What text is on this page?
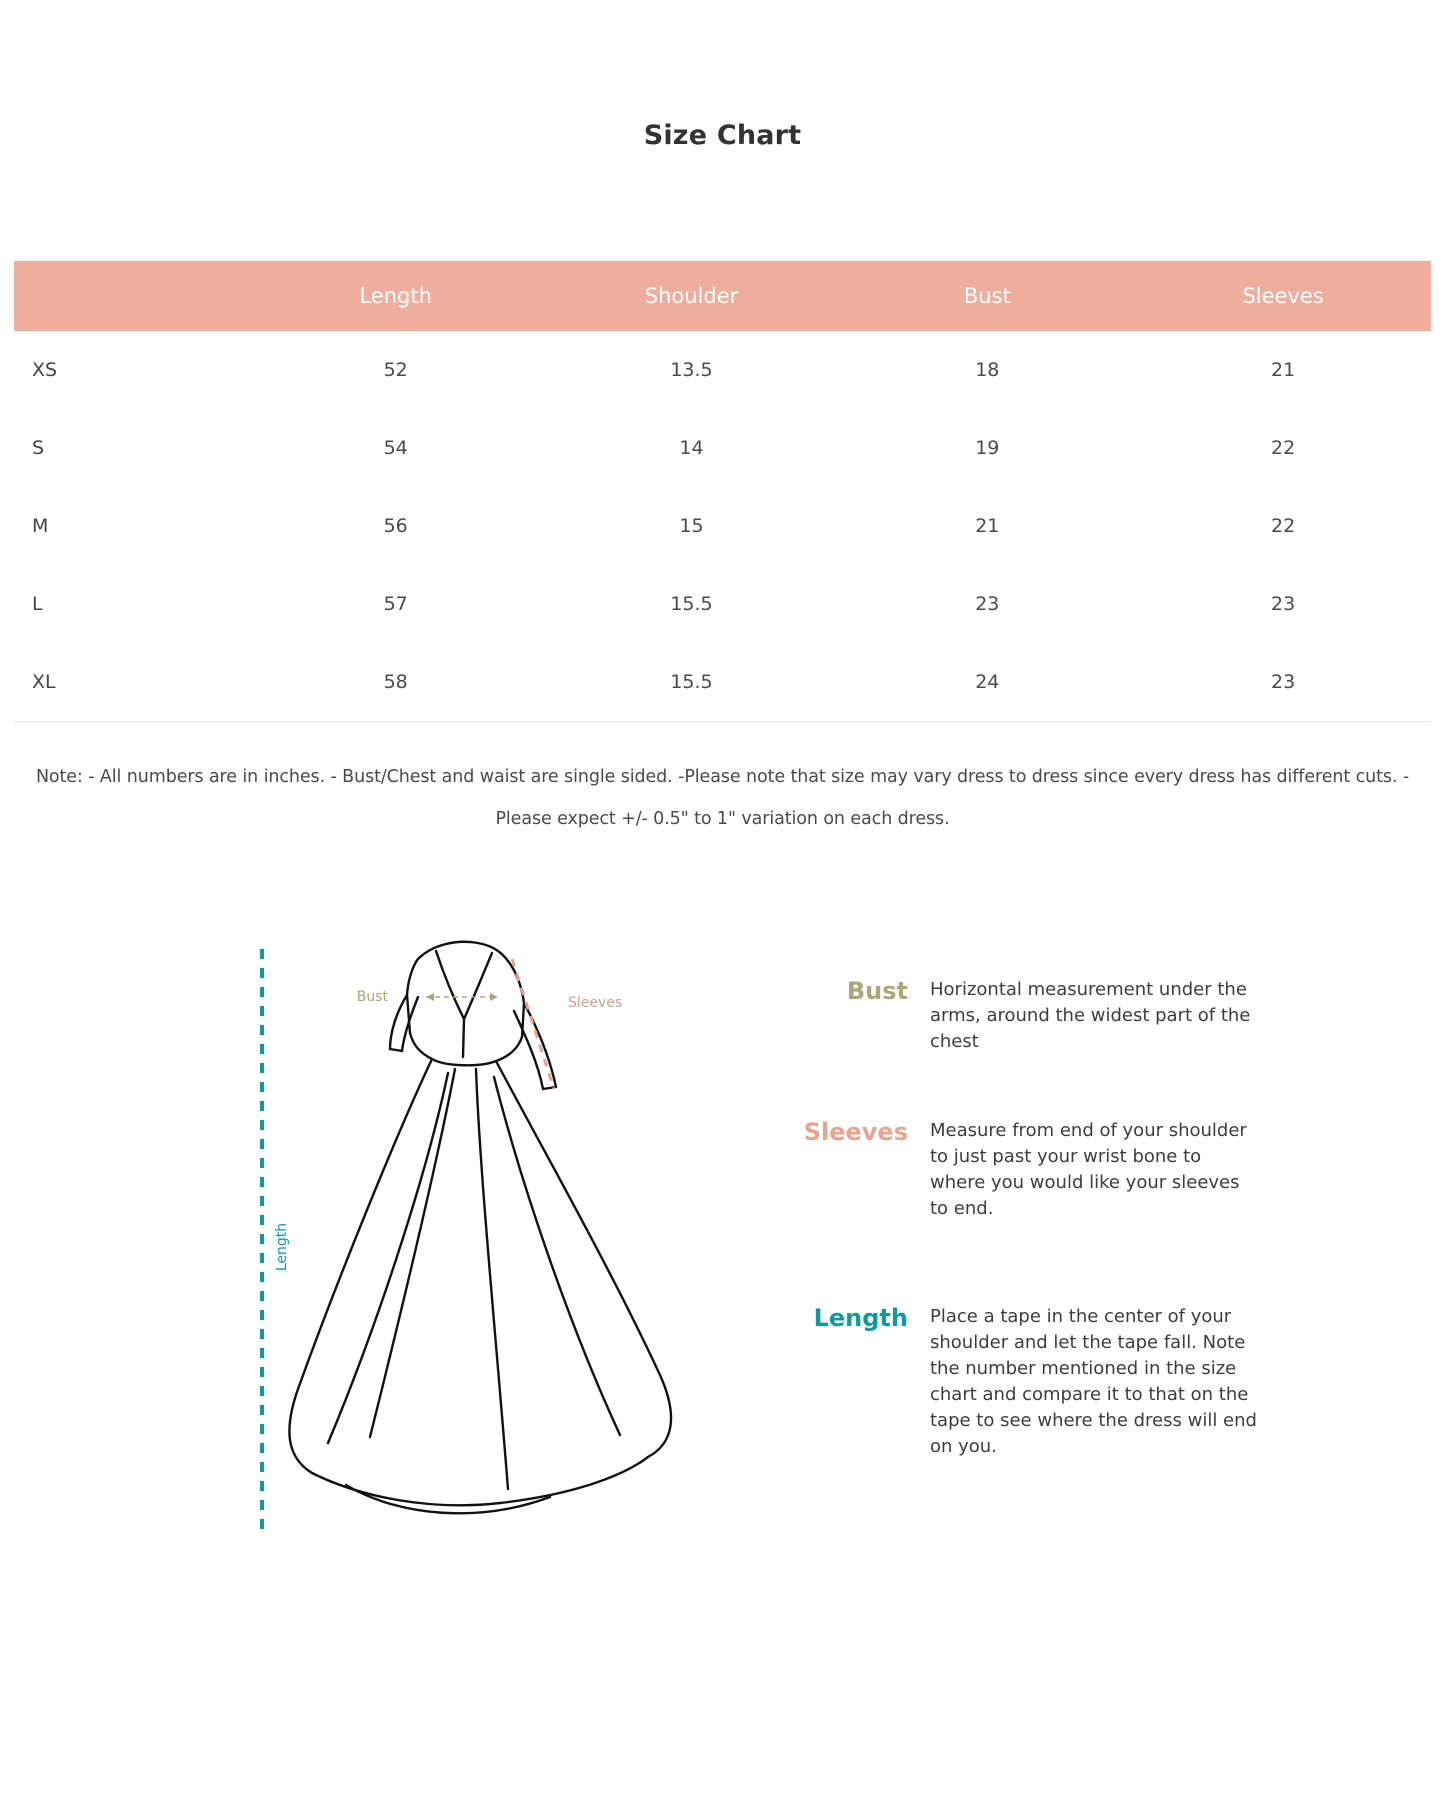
Size Chart
	Length	Shoulder	Bust	Sleeves
XS	52	13.5	18	21
S	54	14	19	22
M	56	15	21	22
L	57	15.5	23	23
XL	58	15.5	24	23
Note: - All numbers are in inches. - Bust/Chest and waist are single sided. -Please note that size may vary dress to dress since every dress has different cuts. - Please expect +/- 0.5" to 1" variation on each dress.
Length
Bust	Sleeves	Bust	Horizontal measurement under the arms, around the widest part of the chest
Sleeves	Measure from end of your shoulder to just past your wrist bone to where you would like your sleeves to end.
Length	Place a tape in the center of your shoulder and let the tape fall. Note the number mentioned in the size chart and compare it to that on the tape to see where the dress will end on you.
